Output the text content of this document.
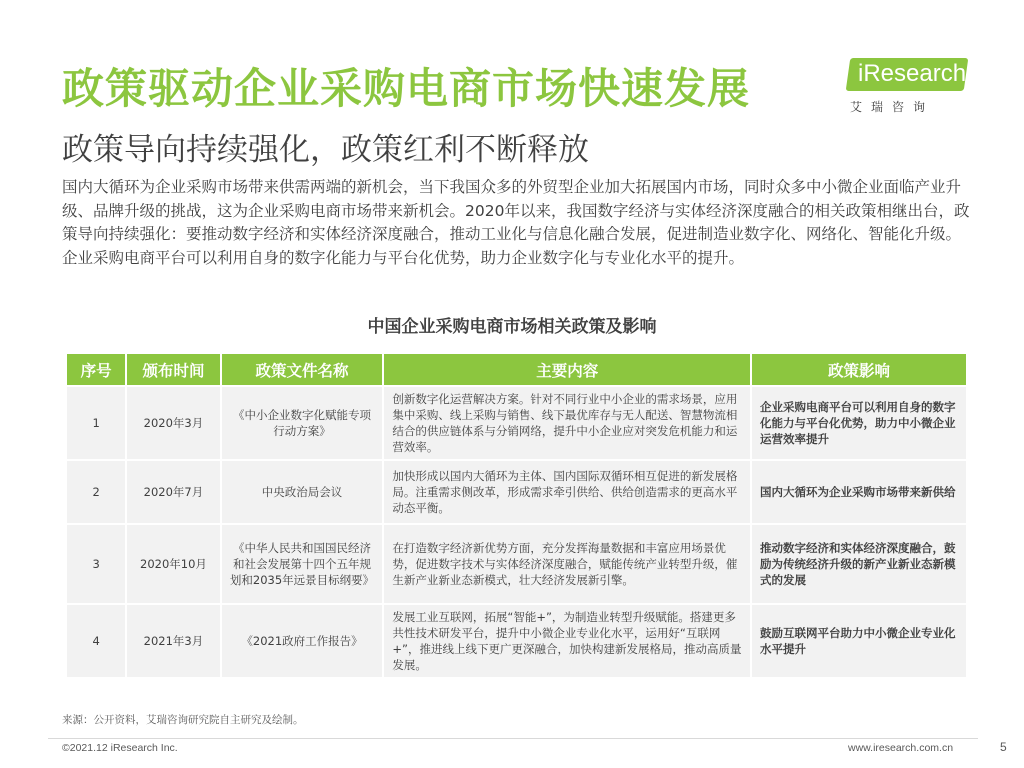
政策驱动企业采购电商市场快速发展
政策导向持续强化，政策红利不断释放
iResearch
艾瑞咨询
国内大循环为企业采购市场带来供需两端的新机会，当下我国众多的外贸型企业加大拓展国内市场，同时众多中小微企业面临产业升级、品牌升级的挑战，这为企业采购电商市场带来新机会。2020年以来，我国数字经济与实体经济深度融合的相关政策相继出台，政策导向持续强化：要推动数字经济和实体经济深度融合，推动工业化与信息化融合发展，促进制造业数字化、网络化、智能化升级。企业采购电商平台可以利用自身的数字化能力与平台化优势，助力企业数字化与专业化水平的提升。
中国企业采购电商市场相关政策及影响
序号	颁布时间	政策文件名称	主要内容	政策影响
1	2020年3月	《中小企业数字化赋能专项行动方案》	创新数字化运营解决方案。针对不同行业中小企业的需求场景，应用集中采购、线上采购与销售、线下最优库存与无人配送、智慧物流相结合的供应链体系与分销网络，提升中小企业应对突发危机能力和运营效率。	企业采购电商平台可以利用自身的数字化能力与平台化优势，助力中小微企业运营效率提升
2	2020年7月	中央政治局会议	加快形成以国内大循环为主体、国内国际双循环相互促进的新发展格局。注重需求侧改革，形成需求牵引供给、供给创造需求的更高水平动态平衡。	国内大循环为企业采购市场带来新供给
3	2020年10月	《中华人民共和国国民经济和社会发展第十四个五年规划和2035年远景目标纲要》	在打造数字经济新优势方面，充分发挥海量数据和丰富应用场景优势，促进数字技术与实体经济深度融合，赋能传统产业转型升级，催生新产业新业态新模式，壮大经济发展新引擎。	推动数字经济和实体经济深度融合，鼓励为传统经济升级的新产业新业态新模式的发展
4	2021年3月	《2021政府工作报告》	发展工业互联网，拓展“智能+”，为制造业转型升级赋能。搭建更多共性技术研发平台，提升中小微企业专业化水平，运用好“互联网+”，推进线上线下更广更深融合，加快构建新发展格局，推动高质量发展。	鼓励互联网平台助力中小微企业专业化水平提升
来源：公开资料，艾瑞咨询研究院自主研究及绘制。
©2021.12 iResearch Inc.	www.iresearch.com.cn	5
